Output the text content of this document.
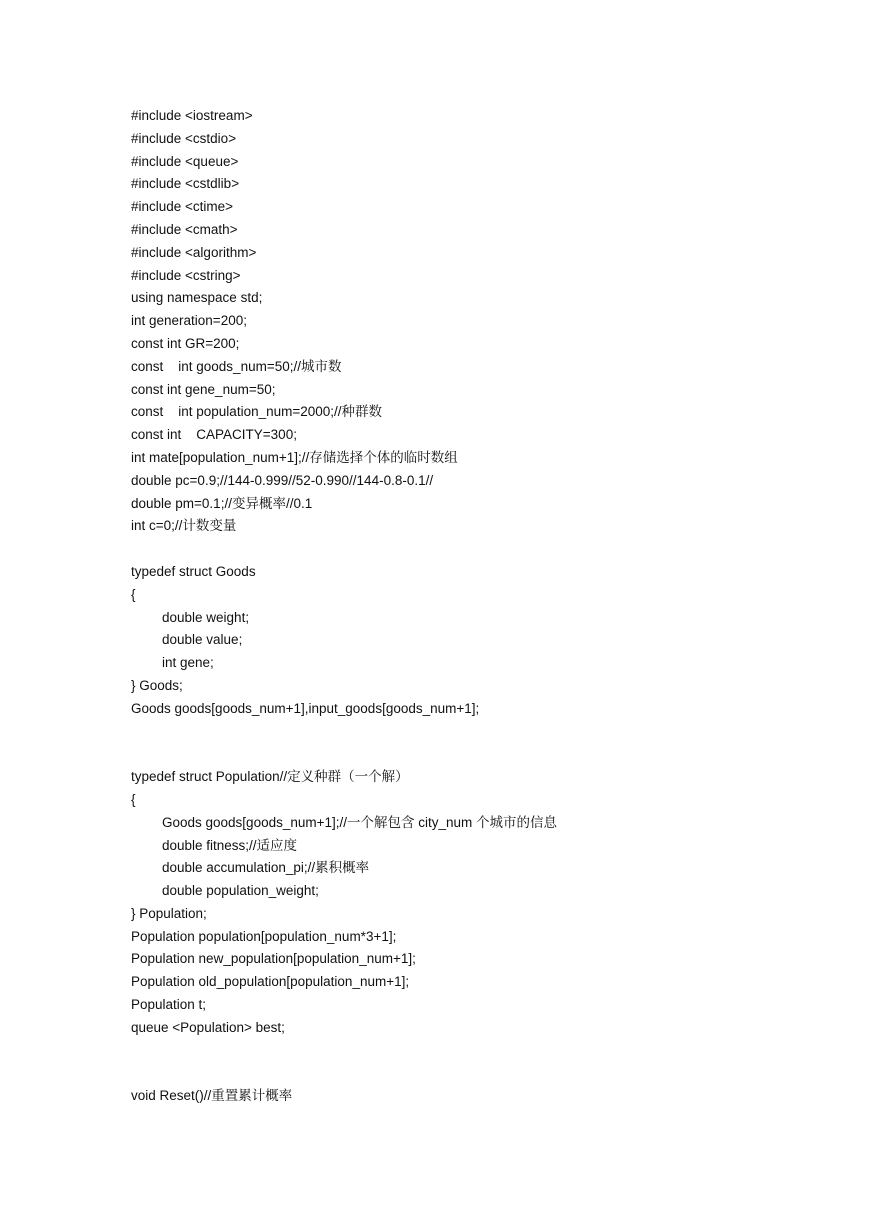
#include <iostream>
#include <cstdio>
#include <queue>
#include <cstdlib>
#include <ctime>
#include <cmath>
#include <algorithm>
#include <cstring>
using namespace std;
int generation=200;
const int GR=200;
const    int goods_num=50;//城市数
const int gene_num=50;
const    int population_num=2000;//种群数
const int    CAPACITY=300;
int mate[population_num+1];//存储选择个体的临时数组
double pc=0.9;//144-0.999//52-0.990//144-0.8-0.1//
double pm=0.1;//变异概率//0.1
int c=0;//计数变量
typedef struct Goods
{
double weight;
double value;
int gene;
} Goods;
Goods goods[goods_num+1],input_goods[goods_num+1];
typedef struct Population//定义种群（一个解）
{
Goods goods[goods_num+1];//一个解包含 city_num 个城市的信息
double fitness;//适应度
double accumulation_pi;//累积概率
double population_weight;
} Population;
Population population[population_num*3+1];
Population new_population[population_num+1];
Population old_population[population_num+1];
Population t;
queue <Population> best;
void Reset()//重置累计概率
